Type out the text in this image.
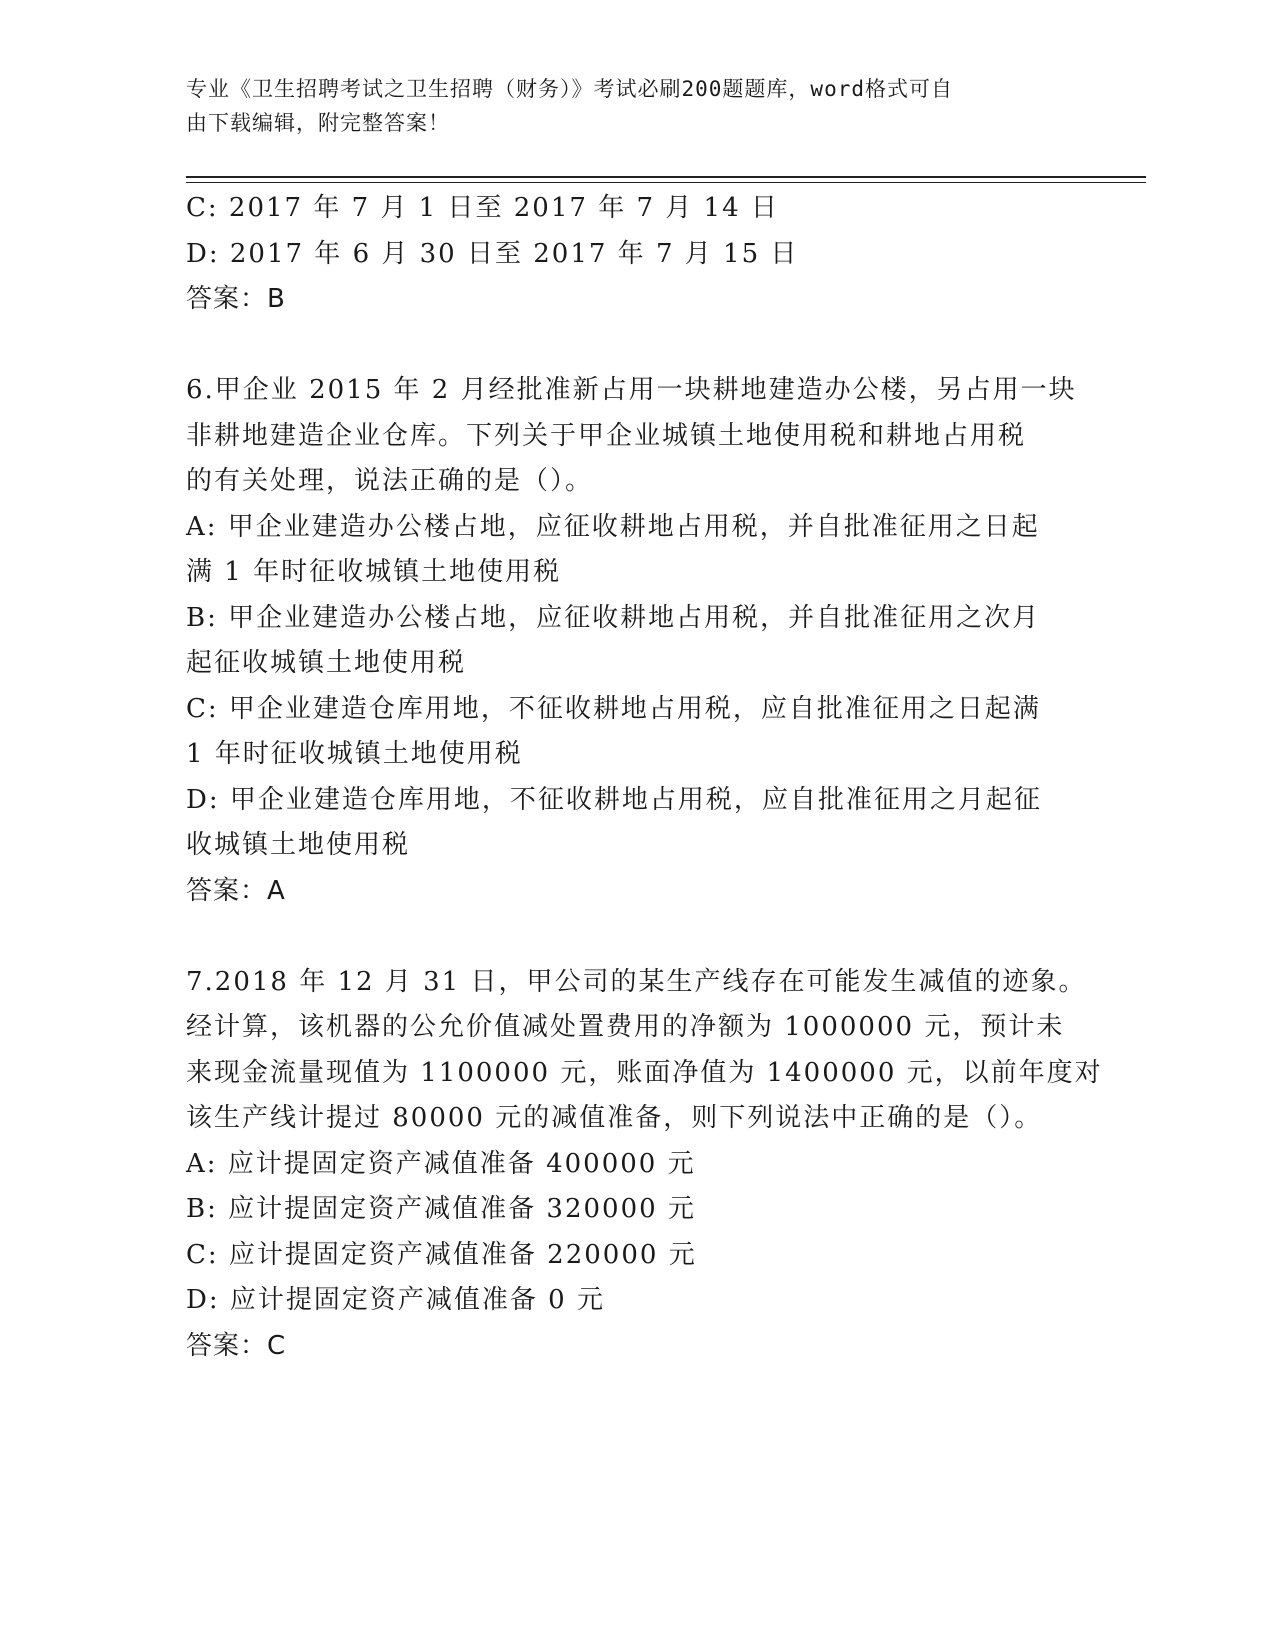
专业《卫生招聘考试之卫生招聘（财务）》考试必刷200题题库，word格式可自
由下载编辑，附完整答案！
C: 2017 年 7 月 1 日至 2017 年 7 月 14 日
D: 2017 年 6 月 30 日至 2017 年 7 月 15 日
答案：B
6.甲企业 2015 年 2 月经批准新占用一块耕地建造办公楼，另占用一块
非耕地建造企业仓库。下列关于甲企业城镇土地使用税和耕地占用税
的有关处理，说法正确的是（）。
A: 甲企业建造办公楼占地，应征收耕地占用税，并自批准征用之日起
满 1 年时征收城镇土地使用税
B: 甲企业建造办公楼占地，应征收耕地占用税，并自批准征用之次月
起征收城镇土地使用税
C: 甲企业建造仓库用地，不征收耕地占用税，应自批准征用之日起满
1 年时征收城镇土地使用税
D: 甲企业建造仓库用地，不征收耕地占用税，应自批准征用之月起征
收城镇土地使用税
答案：A
7.2018 年 12 月 31 日，甲公司的某生产线存在可能发生减值的迹象。
经计算，该机器的公允价值减处置费用的净额为 1000000 元，预计未
来现金流量现值为 1100000 元，账面净值为 1400000 元，以前年度对
该生产线计提过 80000 元的减值准备，则下列说法中正确的是（）。
A: 应计提固定资产减值准备 400000 元
B: 应计提固定资产减值准备 320000 元
C: 应计提固定资产减值准备 220000 元
D: 应计提固定资产减值准备 0 元
答案：C
